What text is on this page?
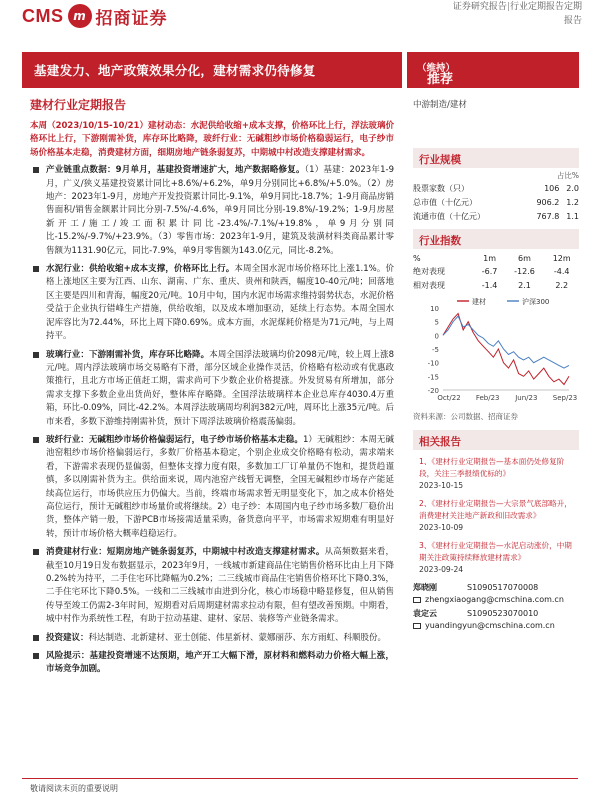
CMS m 招商证券
证券研究报告|行业定期报告定期
报告
基建发力、地产政策效果分化，建材需求仍待修复
推荐
（维持）
建材行业定期报告	中游制造/建材

本周（2023/10/15-10/21）建材动态：水泥供给收缩+成本支撑，价格环比上行，浮法玻璃价格环比上行，下游刚需补货，库存环比略降，玻纤行业：无碱粗纱市场价格稳弱运行，电子纱市场价格基本走稳，消费建材方面，细期房地产链条弱复苏，中期城中村改造支撑建材需求。

产业链重点数据：9月单月，基建投资增速扩大，地产数据略修复。（1）基建：2023年1-9月，广义/狭义基建投资累计同比+8.6%/+6.2%，单9月分别同比+6.8%/+5.0%。（2）房地产：2023年1-9月，房地产开发投资累计同比-9.1%，单9月同比-18.7%；1-9月商品房销售面积/销售金额累计同比分别-7.5%/-4.6%，单9月同比分别-19.8%/-19.2%；1-9月房屋新开工/施工/竣工面积累计同比-23.4%/-7.1%/+19.8%，单9月分别同比-15.2%/-9.7%/+23.9%。（3）零售市场：2023年1-9月，建筑及装潢材料类商品累计零售额为1131.90亿元，同比-7.9%，单9月零售额为143.0亿元，同比-8.2%。
水泥行业：供给收缩+成本支撑，价格环比上行。本周全国水泥市场价格环比上涨1.1%。价格上涨地区主要为江西、山东、湖南、广东、重庆、贵州和陕西，幅度10-40元/吨；回落地区主要是四川和青海，幅度20元/吨。10月中旬，国内水泥市场需求维持弱势状态，水泥价格受益于企业执行错峰生产措施，供给收缩，以及成本增加驱动，延续上行态势。本周全国水泥库容比为72.44%，环比上周下降0.69%。成本方面，水泥煤耗价格是为71元/吨，与上周持平。
玻璃行业：下游刚需补货，库存环比略降。本周全国浮法玻璃均价2098元/吨，较上周上涨8元/吨。周内浮法玻璃市场交易略有下滑，部分区域企业操作灵活，价格略有松动或有优惠政策推行，且北方市场正值赶工期，需求尚可下少数企业价格提涨。外发贸易有所增加，部分需求支撑下多数企业出货尚好，整体库存略降。全国浮法玻璃样本企业总库存4030.4万重箱，环比-0.09%，同比-42.2%。本周浮法玻璃周均利润382元/吨，周环比上涨35元/吨。后市来看，多数下游维持刚需补货，预计下周浮法玻璃价格震荡偏弱。
玻纤行业：无碱粗纱市场价格偏弱运行，电子纱市场价格基本走稳。1）无碱粗纱：本周无碱池窑粗纱市场价格偏弱运行，多数厂价格基本稳定，个别企业成交价格略有松动，需求端来看，下游需求表现仍显偏弱，但整体支撑力度有限，多数加工厂订单量仍不饱和，提货趋谨慎，多以刚需补货为主。供给面来说，周内池窑产线暂无调整，全国无碱粗纱市场存产能延续高位运行，市场供应压力仍偏大。当前，终端市场需求暂无明显变化下，加之成本价格处高位运行，预计无碱粗纱市场量价或将继续。2）电子纱：本周国内电子纱市场多数厂稳价出货，整体产销一般，下游PCB市场接需适量采购，备货意向平平，市场需求短期难有明显好转，预计市场价格大概率趋稳运行。
消费建材行业：短期房地产链条弱复苏，中期城中村改造支撑建材需求。从高频数据来看，截至10月19日发布数据显示，2023年9月，一线城市新建商品住宅销售价格环比由上月下降0.2%转为持平，二手住宅环比降幅为0.2%；二三线城市商品住宅销售价格环比下降0.3%，二手住宅环比下降0.5%。一线和二三线城市由进到分化，核心市场稳中略显修复，但从销售传导至竣工仍需2-3年时间，短期看对后周期建材需求拉动有限，但有望改善预期。中期看，城中村作为系统性工程，有助于拉动基建、建材、家居、装修等产业链条需求。
投资建议：科达制造、北新建材、亚士创能、伟星新材、蒙娜丽莎、东方雨虹、科顺股份。
风险提示：基建投资增速不达预期，地产开工大幅下滑，原材料和燃料动力价格大幅上涨，市场竞争加剧。
行业规模
占比%
股票家数（只）	106	2.0
总市值（十亿元）	906.2	1.2
流通市值（十亿元）	767.8	1.1
行业指数
%	1m	6m	12m
绝对表现	-6.7	-12.6	-4.4
相对表现	-1.4	2.1	2.2
10
5
0
-5
-10
-15
-20
建材	沪深300
Oct/22 Feb/23 Jun/23 Sep/23
资料来源：公司数据、招商证券
相关报告
1、《建材行业定期报告—基本面仍处修复阶段，关注三季报绩优标的》
2023-10-15
2、《建材行业定期报告—大宗景气底部略升，消费建材关注地产新政和旧改需求》
2023-10-09
3、《建材行业定期报告—水泥启动涨价，中期期关注政策持续释放建材需求》
2023-09-24
郑晓刚	S1090517070008
zhengxiaogang@cmschina.com.cn
袁定云	S1090523070010
yuandingyun@cmschina.com.cn
敬请阅读末页的重要说明
